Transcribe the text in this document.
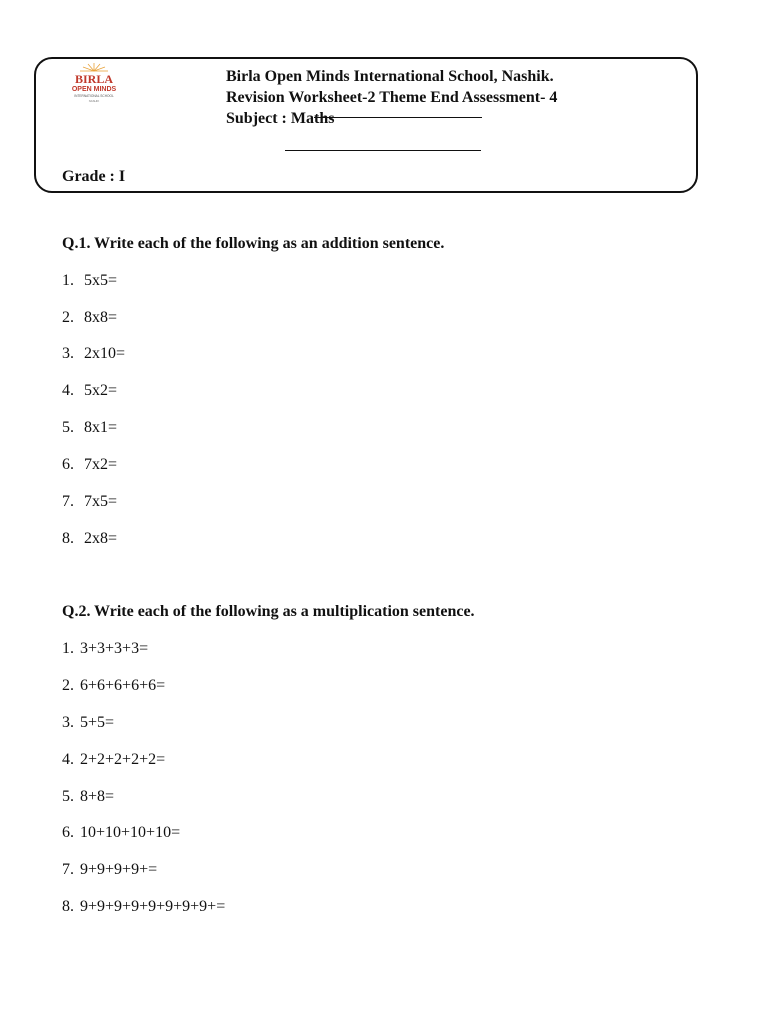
BIRLA
OPEN MINDS
INTERNATIONAL SCHOOL
NASHIK
Birla Open Minds International School, Nashik.
Revision Worksheet-2 Theme End Assessment- 4
Subject : Maths
Grade : I
Q.1. Write each of the following as an addition sentence.
1. 5x5=
2. 8x8=
3. 2x10=
4. 5x2=
5. 8x1=
6. 7x2=
7. 7x5=
8. 2x8=
Q.2. Write each of the following as a multiplication sentence.
1. 3+3+3+3=
2. 6+6+6+6+6=
3. 5+5=
4. 2+2+2+2+2=
5. 8+8=
6. 10+10+10+10=
7. 9+9+9+9+=
8. 9+9+9+9+9+9+9+9+=
